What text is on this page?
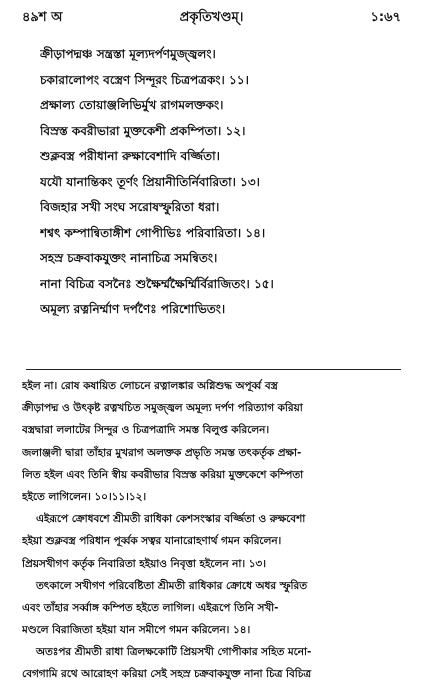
৪৯শ অ	প্রকৃতিখণ্ডম্।	১:৬৭
ক্রীড়াপদ্মঞ্চ সন্ত্রস্তা মূল্যদর্পণমুজ্জ্বলং।
চকারালোপং বস্ত্রেণ সিন্দূরং চিত্রপত্রকং। ১১।
প্রক্ষাল্য তোয়াঞ্জলিভির্মুখ রাগমলক্তকং।
বিস্রস্ত কবরীভারা মুক্তকেশী প্রকম্পিতা। ১২।
শুক্লবস্ত্র পরীধানা রুক্ষাবেশাদি বর্জ্জিতা।
যযৌ যানান্তিকং তূর্ণং প্রিয়ানীতির্নিবারিতা। ১৩।
বিজহার সখী সংঘ সরোষস্ফুরিতা ধরা।
শশ্বৎ কম্পান্বিতাঙ্গীশ গোপীভিঃ পরিবারিতা। ১৪।
সহস্র চক্রবাকযুক্তং নানাচিত্র সমন্বিতং।
নানা বিচিত্র বসনৈঃ শুক্ষৈর্ম্মক্ষৈর্ম্মির্বিরাজিতং। ১৫।
অমূল্য রত্ননির্ম্মাণ দর্পণৈঃ পরিশোভিতং।
হইল না। রোষ কষায়িত লোচনে রত্নালঙ্কার অগ্নিশুদ্ধ অপূর্ব্ব বস্ত্র
ক্রীড়াপদ্ম ও উৎকৃষ্ট রত্নখচিত সমুজ্জ্বল অমূল্য দর্পণ পরিত্যাগ করিয়া
বস্ত্রদ্বারা ললাটের সিন্দুর ও চিত্রপত্রাদি সমস্ত বিলুপ্ত করিলেন।
জলাঞ্জলী দ্বারা তাঁহার মুখরাগ অলক্তক প্রভৃতি সমস্ত তৎকর্তৃক প্রক্ষা-
লিত হইল এবং তিনি স্বীয় কবরীভার বিস্রস্ত করিয়া মুক্তকেশে কম্পিতা
হইতে লাগিলেন। ১০।১১।১২।
এইরূপে ক্রোধবশে শ্রীমতী রাধিকা কেশসংস্কার বর্জ্জিতা ও রুক্ষবেশা
হইয়া শুক্লবস্ত্র পরিধান পূর্ব্বক সত্বর যানারোহণার্থ গমন করিলেন।
প্রিয়সখীগণ কর্তৃক নিবারিতা হইয়াও নিবৃত্তা হইলেন না। ১৩।
তৎকালে সখীগণ পরিবেষ্টিতা শ্রীমতী রাধিকার ক্রোধে অধর স্ফুরিত
এবং তাঁহার সর্ব্বাঙ্গ কম্পিত হইতে লাগিল। এইরূপে তিনি সখী-
মণ্ডলে বিরাজিতা হইয়া যান সমীপে গমন করিলেন। ১৪।
অতঃপর শ্রীমতী রাধা ত্রিলক্ষকোটি প্রিয়সখী গোপীকার সহিত মনো-
বেগগামি রথে আরোহণ করিয়া সেই সহস্র চক্রবাকযুক্ত নানা চিত্র বিচিত্র
